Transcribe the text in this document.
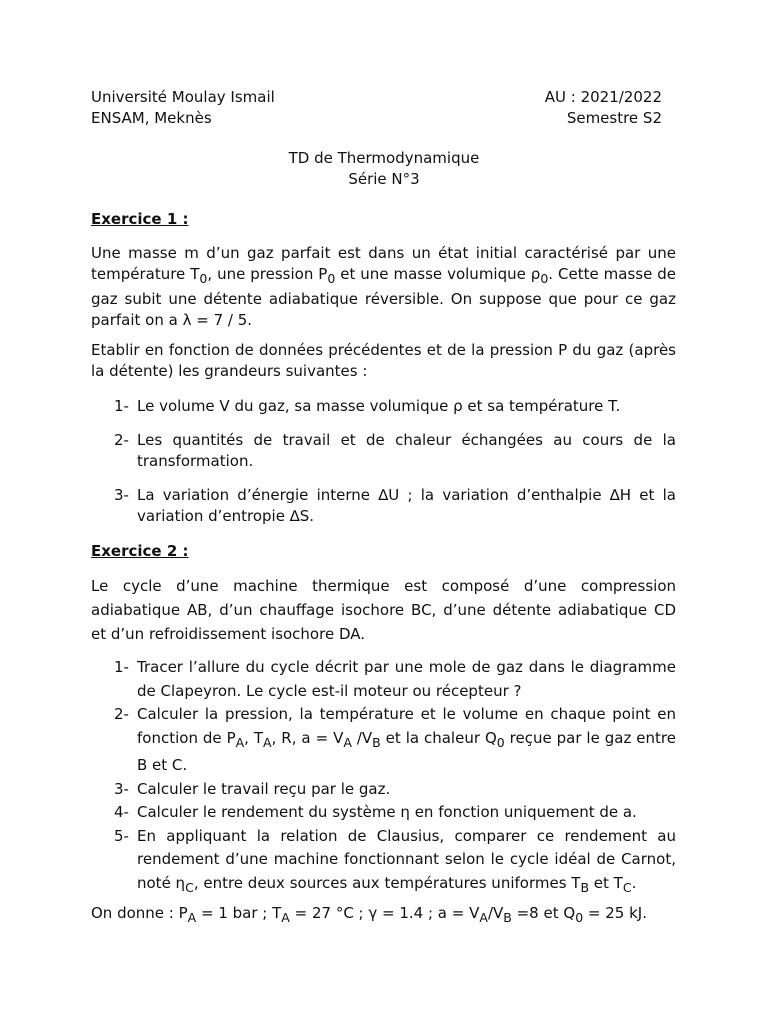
Université Moulay Ismail	AU : 2021/2022
ENSAM, Meknès	Semestre S2
TD de Thermodynamique
Série N°3
Exercice 1 :
Une masse m d’un gaz parfait est dans un état initial caractérisé par une température $T_0$, une pression $P_0$ et une masse volumique $\rho_0$. Cette masse de gaz subit une détente adiabatique réversible. On suppose que pour ce gaz parfait on a λ = 7 / 5.
Etablir en fonction de données précédentes et de la pression P du gaz (après la détente) les grandeurs suivantes :
1- Le volume V du gaz, sa masse volumique ρ et sa température T.
2- Les quantités de travail et de chaleur échangées au cours de la transformation.
3- La variation d’énergie interne ∆U ; la variation d’enthalpie ∆H et la variation d’entropie ∆S.
Exercice 2 :
Le cycle d’une machine thermique est composé d’une compression adiabatique AB, d’un chauffage isochore BC, d’une détente adiabatique CD et d’un refroidissement isochore DA.
1- Tracer l’allure du cycle décrit par une mole de gaz dans le diagramme de Clapeyron. Le cycle est-il moteur ou récepteur ?
2- Calculer la pression, la température et le volume en chaque point en fonction de $P_A$, $T_A$, R, $a = V_A$ $/V_B$ et la chaleur $Q_0$ reçue par le gaz entre B et C.
3- Calculer le travail reçu par le gaz.
4- Calculer le rendement du système η en fonction uniquement de a.
5- En appliquant la relation de Clausius, comparer ce rendement au rendement d’une machine fonctionnant selon le cycle idéal de Carnot, noté $\eta_C$, entre deux sources aux températures uniformes $T_B$ et $T_C$.
On donne : $P_A = 1$ bar ; $T_A = 27$ °C ; γ = 1.4 ; $a = V_A/V_B =8$ et $Q_0 = 25$ kJ.
